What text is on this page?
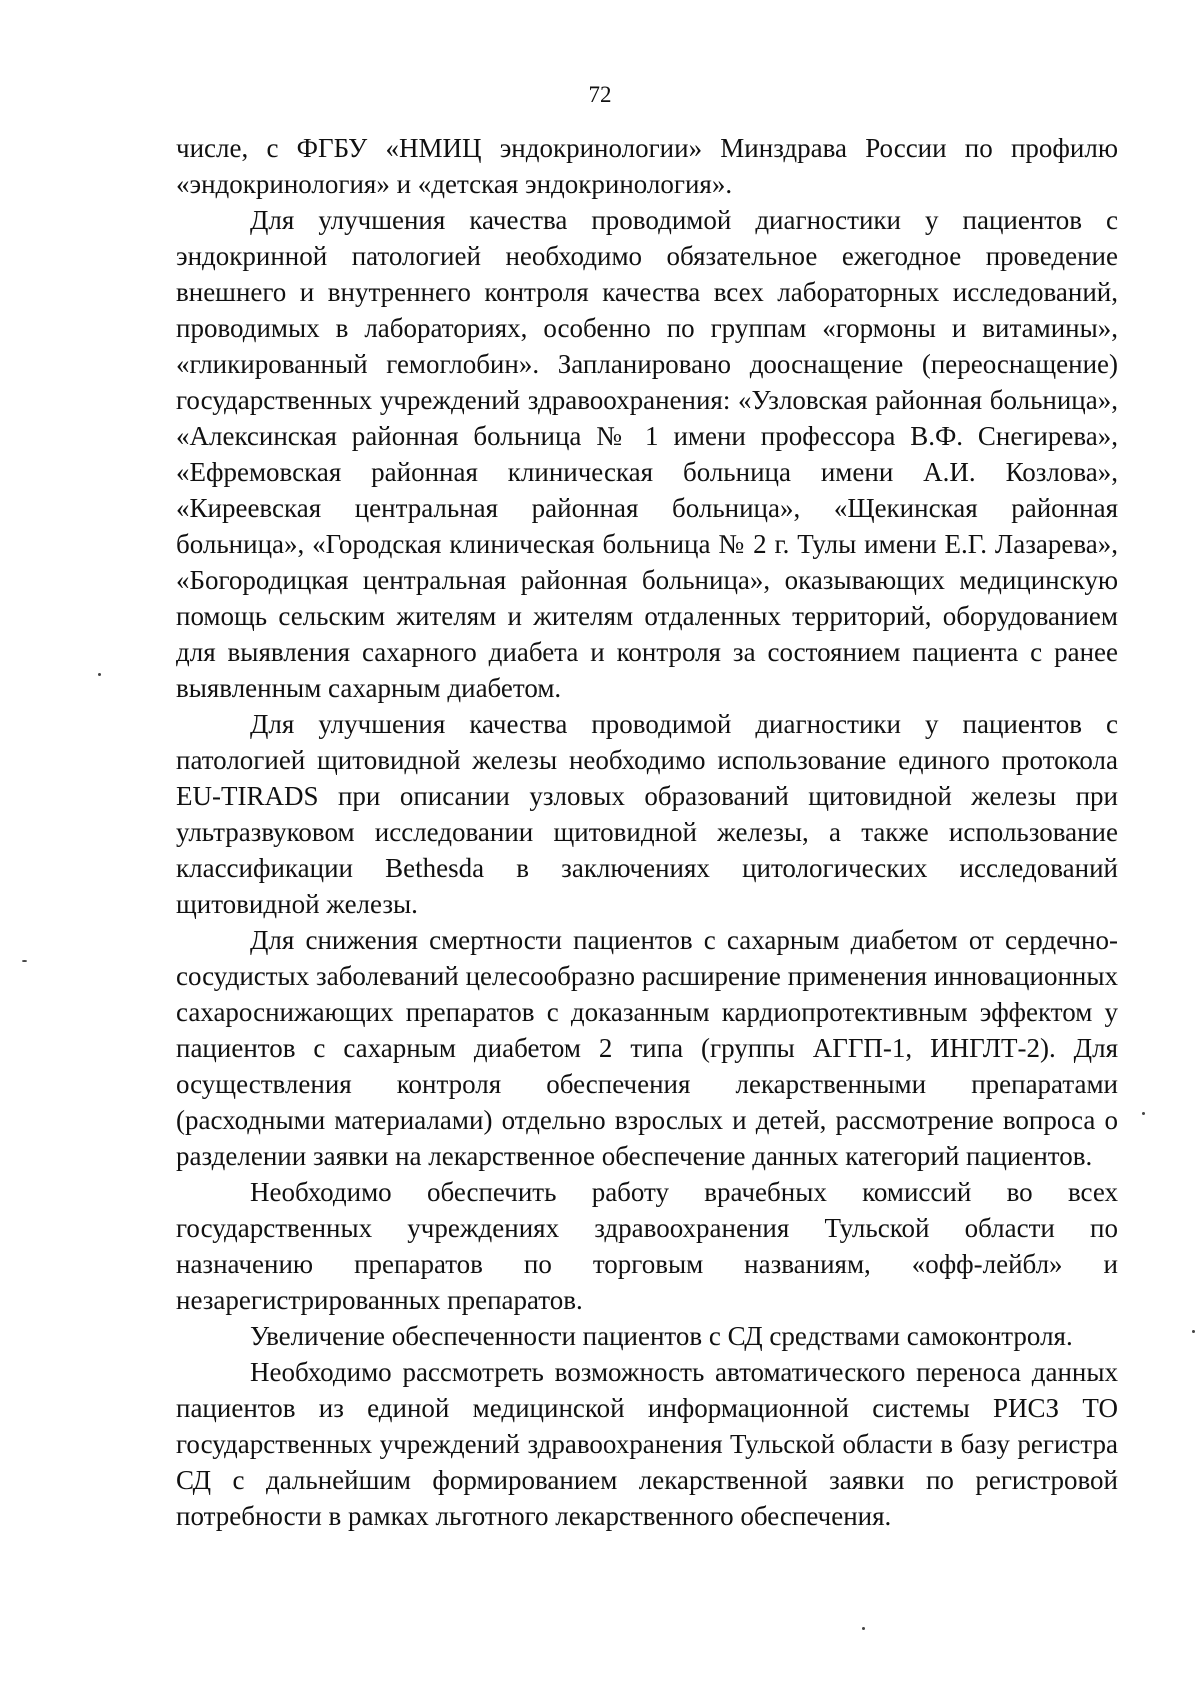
72

числе, с ФГБУ «НМИЦ эндокринологии» Минздрава России по профилю «эндокринология» и «детская эндокринология».

Для улучшения качества проводимой диагностики у пациентов с эндокринной патологией необходимо обязательное ежегодное проведение внешнего и внутреннего контроля качества всех лабораторных исследований, проводимых в лабораториях, особенно по группам «гормоны и витамины», «гликированный гемоглобин». Запланировано дооснащение (переоснащение) государственных учреждений здравоохранения: «Узловская районная больница», «Алексинская районная больница № 1 имени профессора В.Ф. Снегирева», «Ефремовская районная клиническая больница имени А.И. Козлова», «Киреевская центральная районная больница», «Щекинская районная больница», «Городская клиническая больница № 2 г. Тулы имени Е.Г. Лазарева», «Богородицкая центральная районная больница», оказывающих медицинскую помощь сельским жителям и жителям отдаленных территорий, оборудованием для выявления сахарного диабета и контроля за состоянием пациента с ранее выявленным сахарным диабетом.

Для улучшения качества проводимой диагностики у пациентов с патологией щитовидной железы необходимо использование единого протокола EU-TIRADS при описании узловых образований щитовидной железы при ультразвуковом исследовании щитовидной железы, а также использование классификации Bethesda в заключениях цитологических исследований щитовидной железы.

Для снижения смертности пациентов с сахарным диабетом от сердечно-сосудистых заболеваний целесообразно расширение применения инновационных сахароснижающих препаратов с доказанным кардиопротективным эффектом у пациентов с сахарным диабетом 2 типа (группы АГГП-1, ИНГЛТ-2). Для осуществления контроля обеспечения лекарственными препаратами (расходными материалами) отдельно взрослых и детей, рассмотрение вопроса о разделении заявки на лекарственное обеспечение данных категорий пациентов.

Необходимо обеспечить работу врачебных комиссий во всех государственных учреждениях здравоохранения Тульской области по назначению препаратов по торговым названиям, «офф-лейбл» и незарегистрированных препаратов.

Увеличение обеспеченности пациентов с СД средствами самоконтроля.

Необходимо рассмотреть возможность автоматического переноса данных пациентов из единой медицинской информационной системы РИСЗ ТО государственных учреждений здравоохранения Тульской области в базу регистра СД с дальнейшим формированием лекарственной заявки по регистровой потребности в рамках льготного лекарственного обеспечения.
